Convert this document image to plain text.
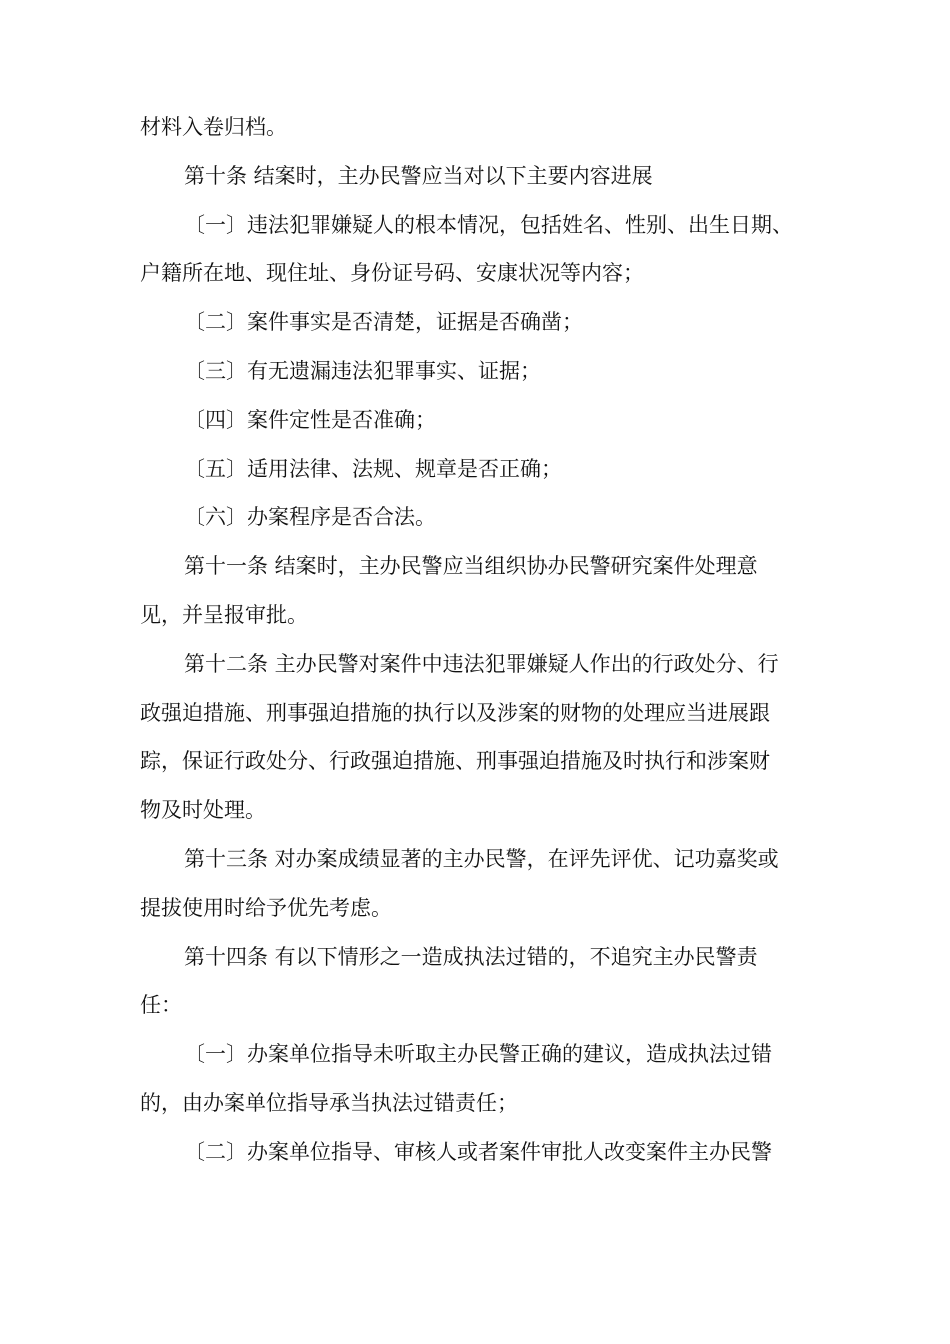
材料入卷归档。
第十条 结案时，主办民警应当对以下主要内容进展
〔一〕违法犯罪嫌疑人的根本情况，包括姓名、性别、出生日期、
户籍所在地、现住址、身份证号码、安康状况等内容；
〔二〕案件事实是否清楚，证据是否确凿；
〔三〕有无遗漏违法犯罪事实、证据；
〔四〕案件定性是否准确；
〔五〕适用法律、法规、规章是否正确；
〔六〕办案程序是否合法。
第十一条 结案时，主办民警应当组织协办民警研究案件处理意
见，并呈报审批。
第十二条 主办民警对案件中违法犯罪嫌疑人作出的行政处分、行
政强迫措施、刑事强迫措施的执行以及涉案的财物的处理应当进展跟
踪，保证行政处分、行政强迫措施、刑事强迫措施及时执行和涉案财
物及时处理。
第十三条 对办案成绩显著的主办民警，在评先评优、记功嘉奖或
提拔使用时给予优先考虑。
第十四条 有以下情形之一造成执法过错的，不追究主办民警责
任：
〔一〕办案单位指导未听取主办民警正确的建议，造成执法过错
的，由办案单位指导承当执法过错责任；
〔二〕办案单位指导、审核人或者案件审批人改变案件主办民警
